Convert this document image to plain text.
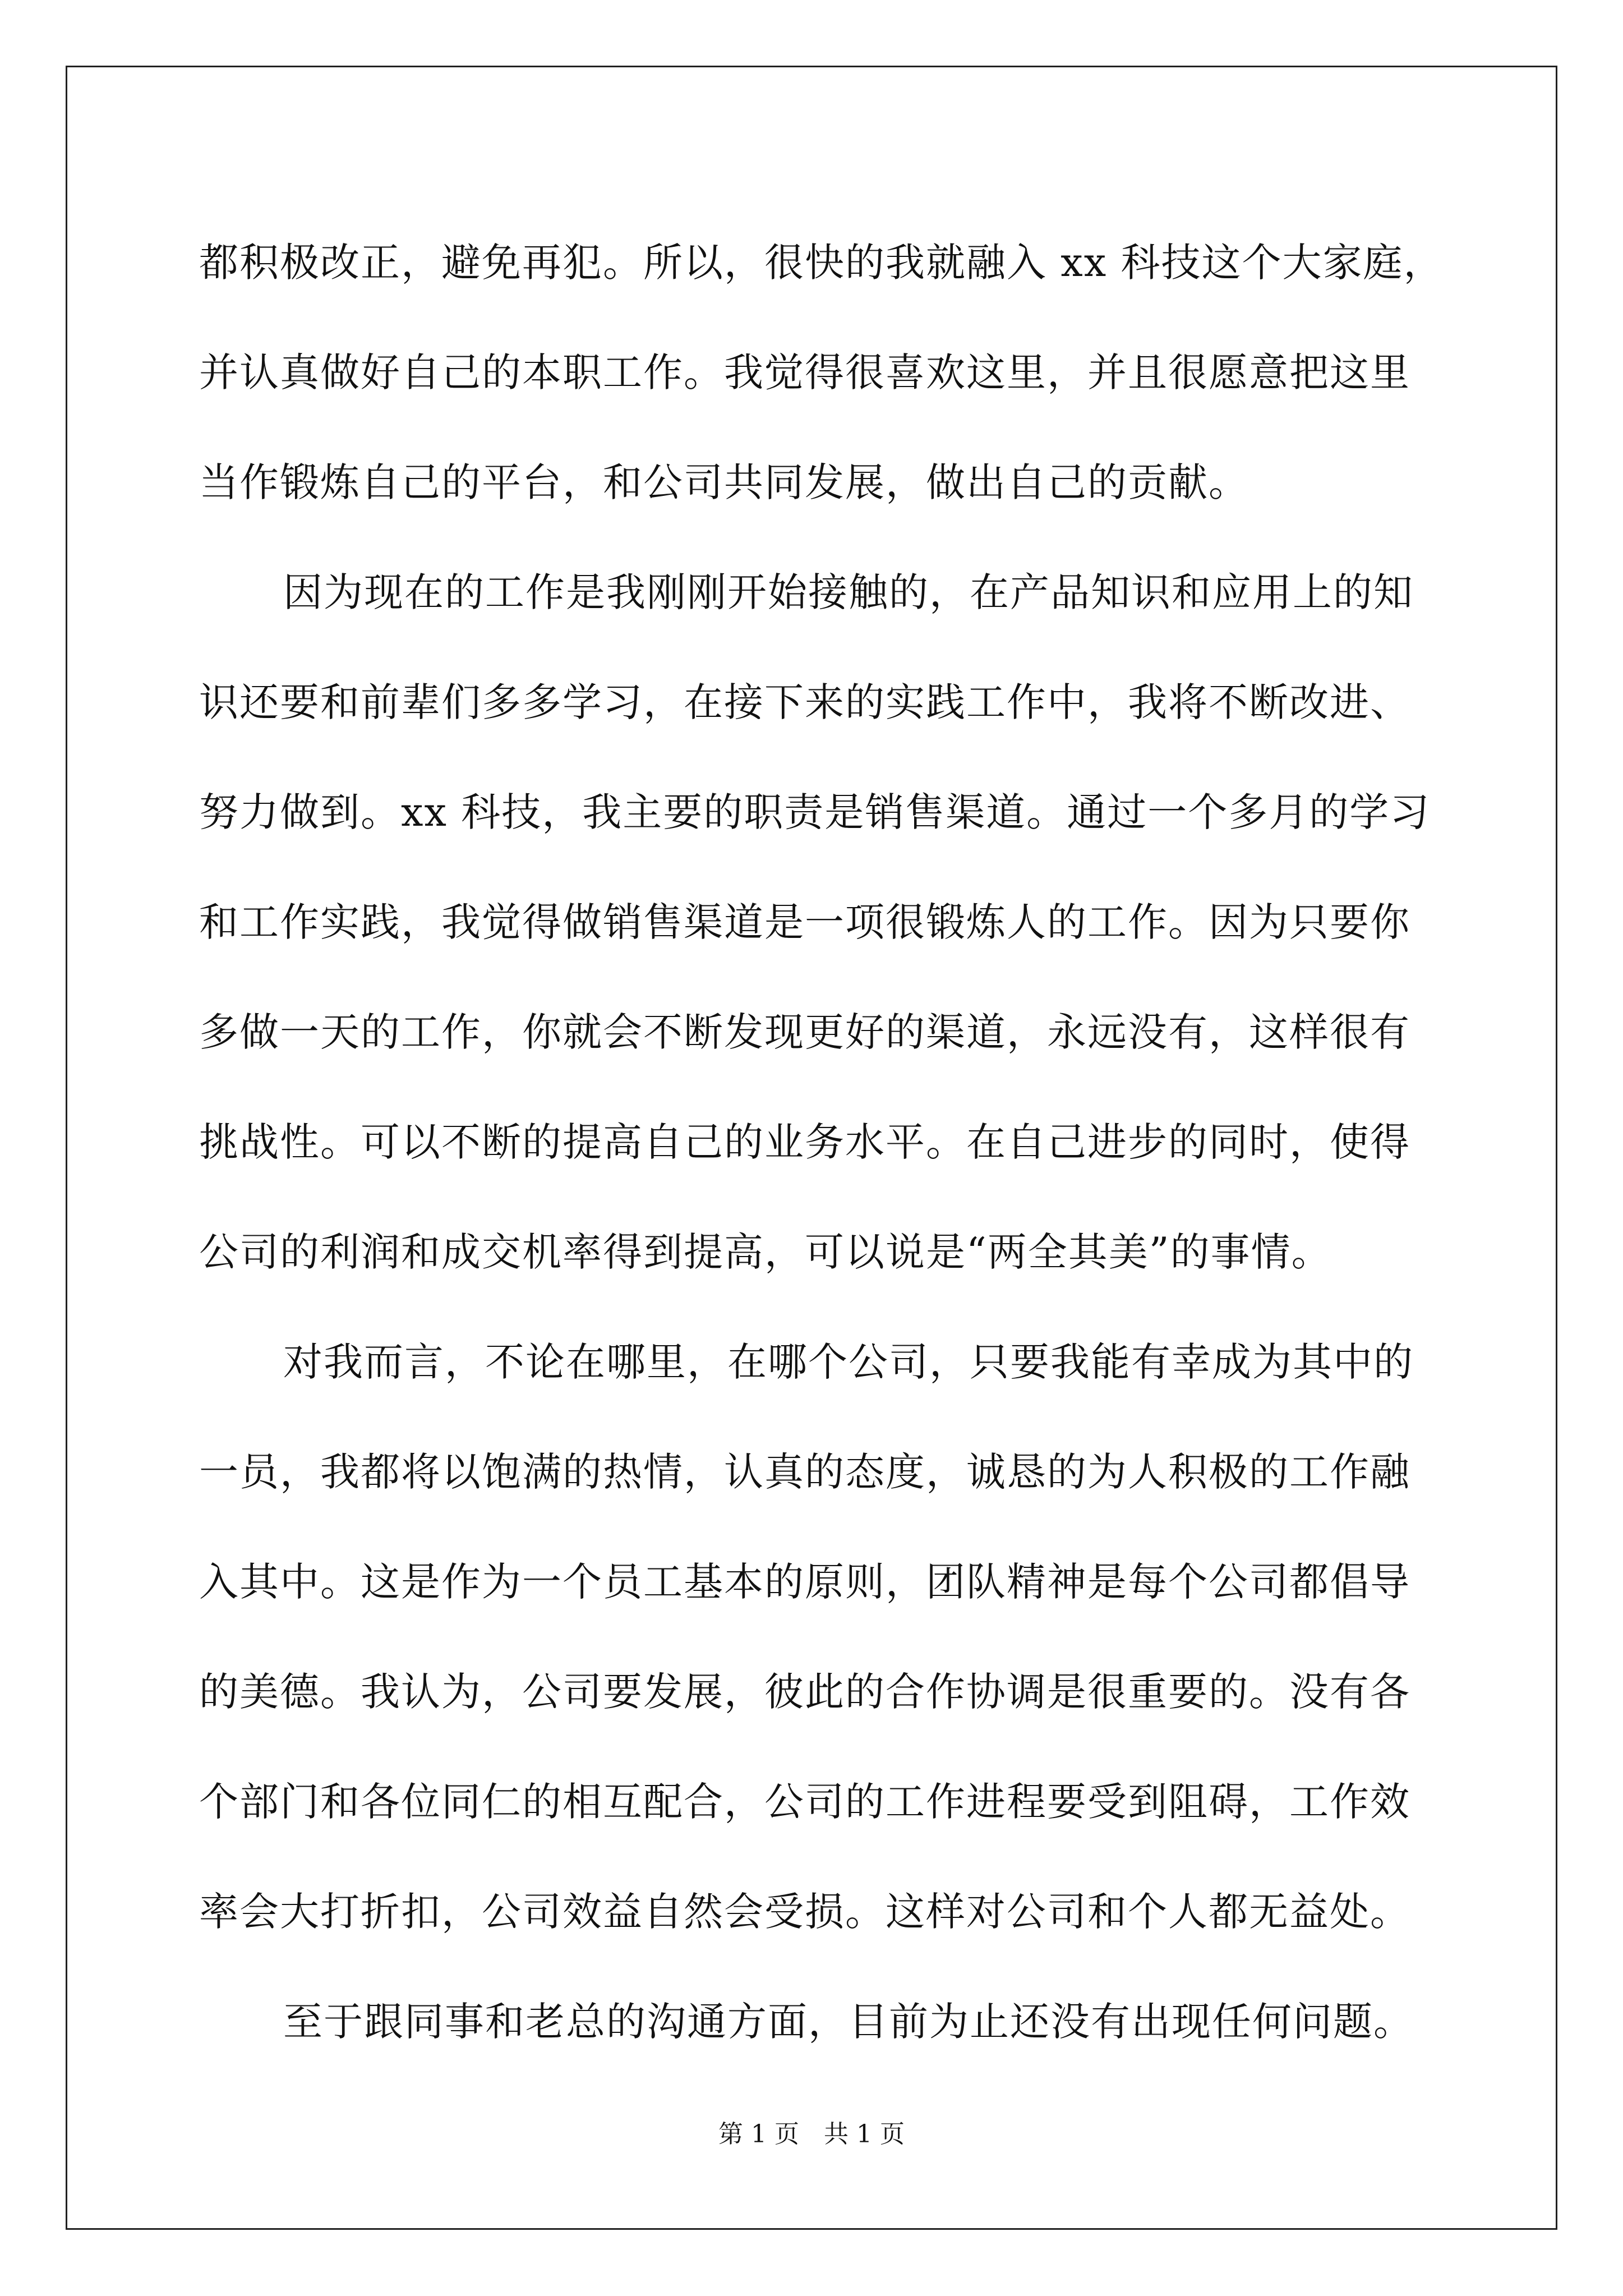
都积极改正，避免再犯。所以，很快的我就融入 xx 科技这个大家庭，
并认真做好自己的本职工作。我觉得很喜欢这里，并且很愿意把这里
当作锻炼自己的平台，和公司共同发展，做出自己的贡献。
因为现在的工作是我刚刚开始接触的，在产品知识和应用上的知
识还要和前辈们多多学习，在接下来的实践工作中，我将不断改进、
努力做到。xx 科技，我主要的职责是销售渠道。通过一个多月的学习
和工作实践，我觉得做销售渠道是一项很锻炼人的工作。因为只要你
多做一天的工作，你就会不断发现更好的渠道，永远没有，这样很有
挑战性。可以不断的提高自己的业务水平。在自己进步的同时，使得
公司的利润和成交机率得到提高，可以说是“两全其美”的事情。
对我而言，不论在哪里，在哪个公司，只要我能有幸成为其中的
一员，我都将以饱满的热情，认真的态度，诚恳的为人积极的工作融
入其中。这是作为一个员工基本的原则，团队精神是每个公司都倡导
的美德。我认为，公司要发展，彼此的合作协调是很重要的。没有各
个部门和各位同仁的相互配合，公司的工作进程要受到阻碍，工作效
率会大打折扣，公司效益自然会受损。这样对公司和个人都无益处。
至于跟同事和老总的沟通方面，目前为止还没有出现任何问题。
第 1 页　共 1 页
